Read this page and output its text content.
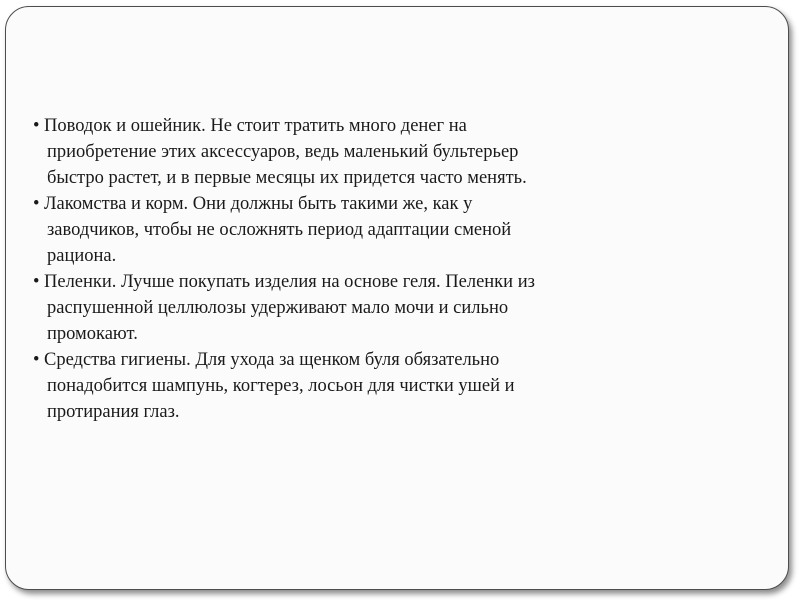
• Поводок и ошейник. Не стоит тратить много денег на
приобретение этих аксессуаров, ведь маленький бультерьер
быстро растет, и в первые месяцы их придется часто менять.
• Лакомства и корм. Они должны быть такими же, как у
заводчиков, чтобы не осложнять период адаптации сменой
рациона.
• Пеленки. Лучше покупать изделия на основе геля. Пеленки из
распушенной целлюлозы удерживают мало мочи и сильно
промокают.
• Средства гигиены. Для ухода за щенком буля обязательно
понадобится шампунь, когтерез, лосьон для чистки ушей и
протирания глаз.
